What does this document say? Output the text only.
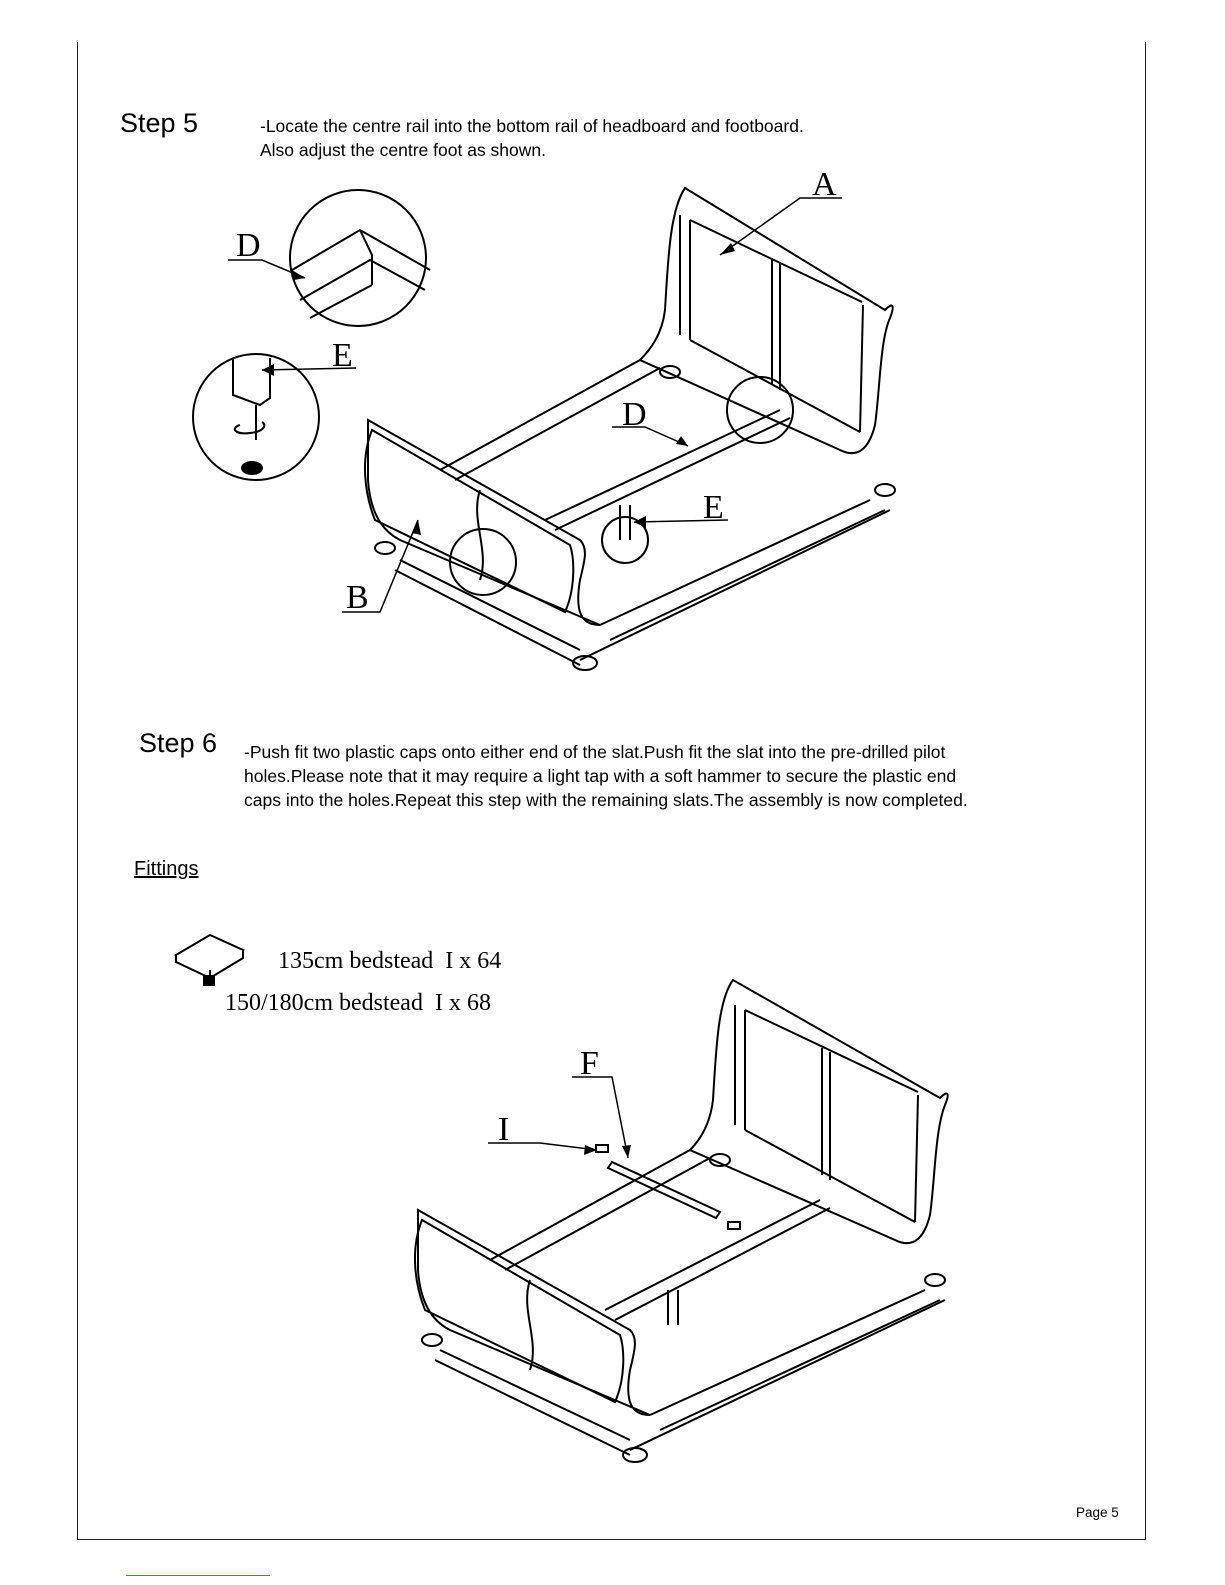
Step 5	-Locate the centre rail into the bottom rail of headboard and footboard.
Also adjust the centre foot as shown.
A
D
E
D
E
B
F
I
Step 6 -Push fit two plastic caps onto either end of the slat.Push fit the slat into the pre-drilled pilot
holes.Please note that it may require a light tap with a soft hammer to secure the plastic end
caps into the holes.Repeat this step with the remaining slats.The assembly is now completed.
Fittings
135cm bedstead  I x 64
150/180cm bedstead  I x 68
Page 5
